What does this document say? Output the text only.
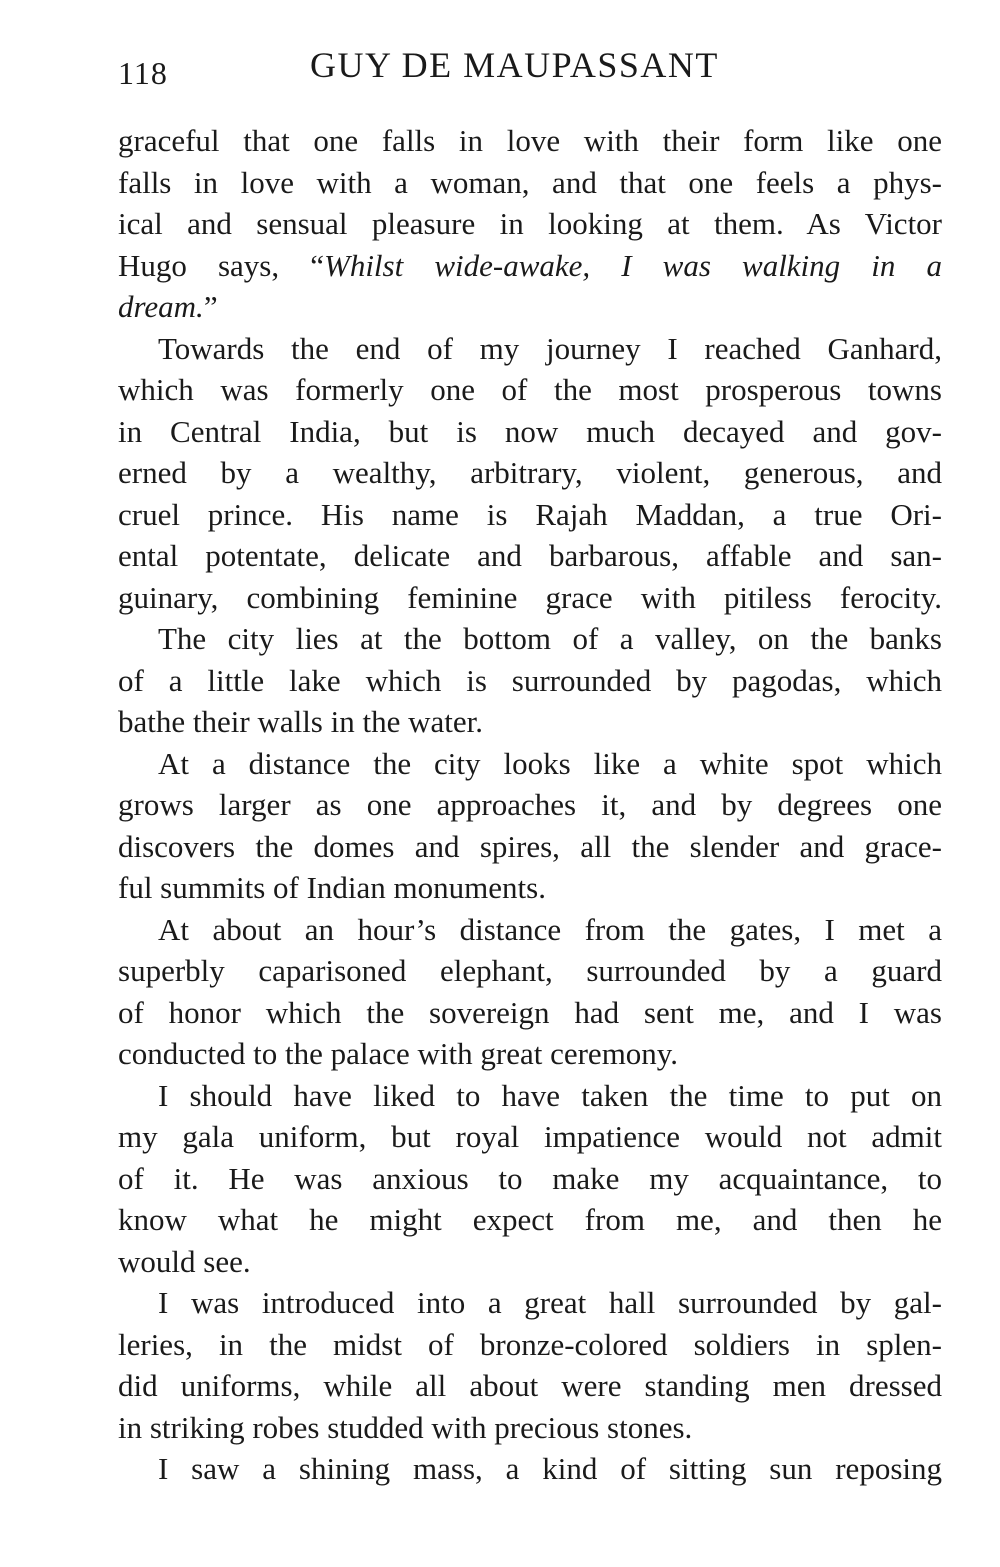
118	GUY DE MAUPASSANT
graceful that one falls in love with their form like one
falls in love with a woman, and that one feels a phys-
ical and sensual pleasure in looking at them. As Victor
Hugo says, “Whilst wide-awake, I was walking in a
dream.”
Towards the end of my journey I reached Ganhard,
which was formerly one of the most prosperous towns
in Central India, but is now much decayed and gov-
erned by a wealthy, arbitrary, violent, generous, and
cruel prince. His name is Rajah Maddan, a true Ori-
ental potentate, delicate and barbarous, affable and san-
guinary, combining feminine grace with pitiless ferocity.
The city lies at the bottom of a valley, on the banks
of a little lake which is surrounded by pagodas, which
bathe their walls in the water.
At a distance the city looks like a white spot which
grows larger as one approaches it, and by degrees one
discovers the domes and spires, all the slender and grace-
ful summits of Indian monuments.
At about an hour’s distance from the gates, I met a
superbly caparisoned elephant, surrounded by a guard
of honor which the sovereign had sent me, and I was
conducted to the palace with great ceremony.
I should have liked to have taken the time to put on
my gala uniform, but royal impatience would not admit
of it. He was anxious to make my acquaintance, to
know what he might expect from me, and then he
would see.
I was introduced into a great hall surrounded by gal-
leries, in the midst of bronze-colored soldiers in splen-
did uniforms, while all about were standing men dressed
in striking robes studded with precious stones.
I saw a shining mass, a kind of sitting sun reposing
